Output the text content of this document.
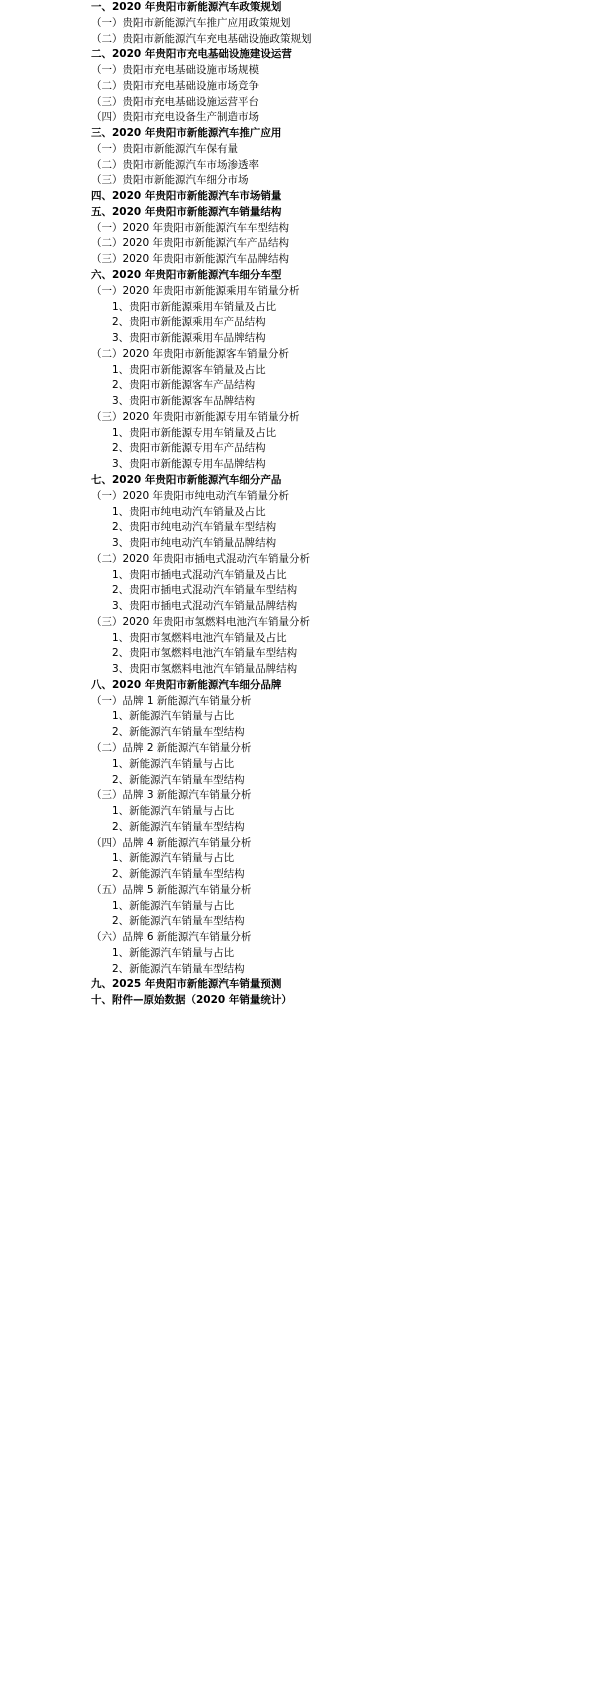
一、2020 年贵阳市新能源汽车政策规划
（一）贵阳市新能源汽车推广应用政策规划
（二）贵阳市新能源汽车充电基础设施政策规划
二、2020 年贵阳市充电基础设施建设运营
（一）贵阳市充电基础设施市场规模
（二）贵阳市充电基础设施市场竞争
（三）贵阳市充电基础设施运营平台
（四）贵阳市充电设备生产制造市场
三、2020 年贵阳市新能源汽车推广应用
（一）贵阳市新能源汽车保有量
（二）贵阳市新能源汽车市场渗透率
（三）贵阳市新能源汽车细分市场
四、2020 年贵阳市新能源汽车市场销量
五、2020 年贵阳市新能源汽车销量结构
（一）2020 年贵阳市新能源汽车车型结构
（二）2020 年贵阳市新能源汽车产品结构
（三）2020 年贵阳市新能源汽车品牌结构
六、2020 年贵阳市新能源汽车细分车型
（一）2020 年贵阳市新能源乘用车销量分析
1、贵阳市新能源乘用车销量及占比
2、贵阳市新能源乘用车产品结构
3、贵阳市新能源乘用车品牌结构
（二）2020 年贵阳市新能源客车销量分析
1、贵阳市新能源客车销量及占比
2、贵阳市新能源客车产品结构
3、贵阳市新能源客车品牌结构
（三）2020 年贵阳市新能源专用车销量分析
1、贵阳市新能源专用车销量及占比
2、贵阳市新能源专用车产品结构
3、贵阳市新能源专用车品牌结构
七、2020 年贵阳市新能源汽车细分产品
（一）2020 年贵阳市纯电动汽车销量分析
1、贵阳市纯电动汽车销量及占比
2、贵阳市纯电动汽车销量车型结构
3、贵阳市纯电动汽车销量品牌结构
（二）2020 年贵阳市插电式混动汽车销量分析
1、贵阳市插电式混动汽车销量及占比
2、贵阳市插电式混动汽车销量车型结构
3、贵阳市插电式混动汽车销量品牌结构
（三）2020 年贵阳市氢燃料电池汽车销量分析
1、贵阳市氢燃料电池汽车销量及占比
2、贵阳市氢燃料电池汽车销量车型结构
3、贵阳市氢燃料电池汽车销量品牌结构
八、2020 年贵阳市新能源汽车细分品牌
（一）品牌 1 新能源汽车销量分析
1、新能源汽车销量与占比
2、新能源汽车销量车型结构
（二）品牌 2 新能源汽车销量分析
1、新能源汽车销量与占比
2、新能源汽车销量车型结构
（三）品牌 3 新能源汽车销量分析
1、新能源汽车销量与占比
2、新能源汽车销量车型结构
（四）品牌 4 新能源汽车销量分析
1、新能源汽车销量与占比
2、新能源汽车销量车型结构
（五）品牌 5 新能源汽车销量分析
1、新能源汽车销量与占比
2、新能源汽车销量车型结构
（六）品牌 6 新能源汽车销量分析
1、新能源汽车销量与占比
2、新能源汽车销量车型结构
九、2025 年贵阳市新能源汽车销量预测
十、附件—原始数据（2020 年销量统计）
